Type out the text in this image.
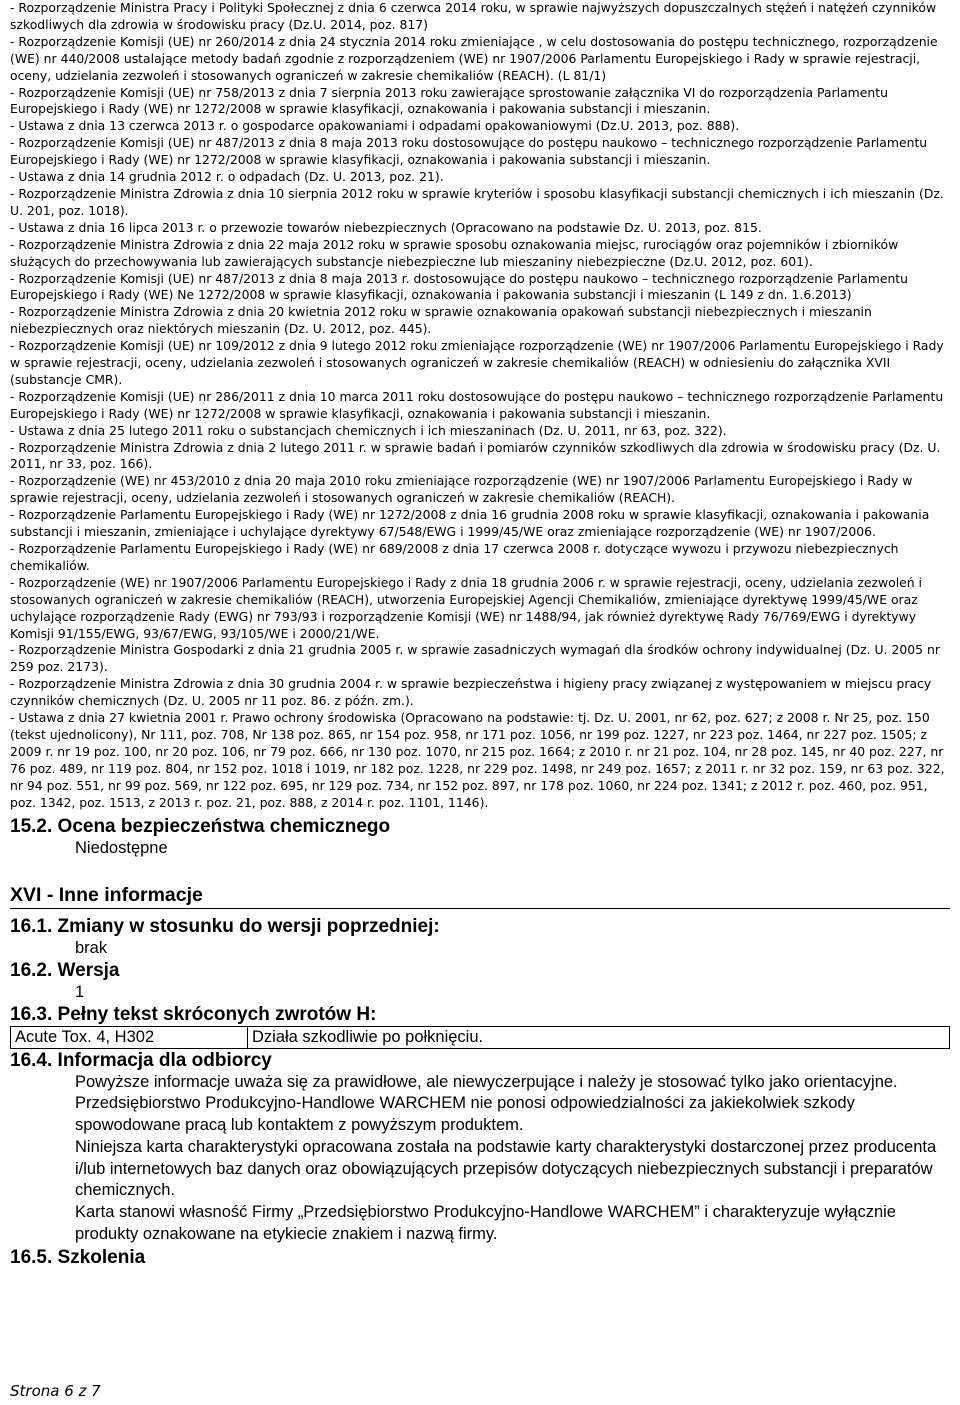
- Rozporządzenie Ministra Pracy i Polityki Społecznej z dnia 6 czerwca 2014 roku, w sprawie najwyższych dopuszczalnych stężeń i natężeń czynników szkodliwych dla zdrowia w środowisku pracy (Dz.U. 2014, poz. 817)
- Rozporządzenie Komisji (UE) nr 260/2014 z dnia 24 stycznia 2014 roku zmieniające , w celu dostosowania do postępu technicznego, rozporządzenie (WE) nr 440/2008 ustalające metody badań zgodnie z rozporządzeniem (WE) nr 1907/2006 Parlamentu Europejskiego i Rady w sprawie rejestracji, oceny, udzielania zezwoleń i stosowanych ograniczeń w zakresie chemikaliów (REACH). (L 81/1)
- Rozporządzenie Komisji (UE) nr 758/2013 z dnia 7 sierpnia 2013 roku zawierające sprostowanie załącznika VI do rozporządzenia Parlamentu Europejskiego i Rady (WE) nr 1272/2008 w sprawie klasyfikacji, oznakowania i pakowania substancji i mieszanin.
- Ustawa z dnia 13 czerwca 2013 r. o gospodarce opakowaniami i odpadami opakowaniowymi (Dz.U. 2013, poz. 888).
- Rozporządzenie Komisji (UE) nr 487/2013 z dnia 8 maja 2013 roku dostosowujące do postępu naukowo – technicznego rozporządzenie Parlamentu Europejskiego i Rady (WE) nr 1272/2008 w sprawie klasyfikacji, oznakowania i pakowania substancji i mieszanin.
- Ustawa z dnia 14 grudnia 2012 r. o odpadach (Dz. U. 2013, poz. 21).
- Rozporządzenie Ministra Zdrowia z dnia 10 sierpnia 2012 roku w sprawie kryteriów i sposobu klasyfikacji substancji chemicznych i ich mieszanin (Dz. U. 201, poz. 1018).
- Ustawa z dnia 16 lipca 2013 r. o przewozie towarów niebezpiecznych (Opracowano na podstawie Dz. U. 2013, poz. 815.
- Rozporządzenie Ministra Zdrowia z dnia 22 maja 2012 roku w sprawie sposobu oznakowania miejsc, rurociągów oraz pojemników i zbiorników służących do przechowywania lub zawierających substancje niebezpieczne lub mieszaniny niebezpieczne (Dz.U. 2012, poz. 601).
- Rozporządzenie Komisji (UE) nr 487/2013 z dnia 8 maja 2013 r. dostosowujące do postępu naukowo – technicznego rozporządzenie Parlamentu Europejskiego i Rady (WE) Ne 1272/2008 w sprawie klasyfikacji, oznakowania i pakowania substancji i mieszanin (L 149 z dn. 1.6.2013)
- Rozporządzenie Ministra Zdrowia z dnia 20 kwietnia 2012 roku w sprawie oznakowania opakowań substancji niebezpiecznych i mieszanin niebezpiecznych oraz niektórych mieszanin (Dz. U. 2012, poz. 445).
- Rozporządzenie Komisji (UE) nr 109/2012 z dnia 9 lutego 2012 roku zmieniające rozporządzenie (WE) nr 1907/2006 Parlamentu Europejskiego i Rady w sprawie rejestracji, oceny, udzielania zezwoleń i stosowanych ograniczeń w zakresie chemikaliów (REACH) w odniesieniu do załącznika XVII (substancje CMR).
- Rozporządzenie Komisji (UE) nr 286/2011 z dnia 10 marca 2011 roku dostosowujące do postępu naukowo – technicznego rozporządzenie Parlamentu Europejskiego i Rady (WE) nr 1272/2008 w sprawie klasyfikacji, oznakowania i pakowania substancji i mieszanin.
- Ustawa z dnia 25 lutego 2011 roku o substancjach chemicznych i ich mieszaninach (Dz. U. 2011, nr 63, poz. 322).
- Rozporządzenie Ministra Zdrowia z dnia 2 lutego 2011 r. w sprawie badań i pomiarów czynników szkodliwych dla zdrowia w środowisku pracy (Dz. U. 2011, nr 33, poz. 166).
- Rozporządzenie (WE) nr 453/2010 z dnia 20 maja 2010 roku zmieniające rozporządzenie (WE) nr 1907/2006 Parlamentu Europejskiego i Rady w sprawie rejestracji, oceny, udzielania zezwoleń i stosowanych ograniczeń w zakresie chemikaliów (REACH).
- Rozporządzenie Parlamentu Europejskiego i Rady (WE) nr 1272/2008 z dnia 16 grudnia 2008 roku w sprawie klasyfikacji, oznakowania i pakowania substancji i mieszanin, zmieniające i uchylające dyrektywy 67/548/EWG i 1999/45/WE oraz zmieniające rozporządzenie (WE) nr 1907/2006.
- Rozporządzenie Parlamentu Europejskiego i Rady (WE) nr 689/2008 z dnia 17 czerwca 2008 r. dotyczące wywozu i przywozu niebezpiecznych chemikaliów.
- Rozporządzenie (WE) nr 1907/2006 Parlamentu Europejskiego i Rady z dnia 18 grudnia 2006 r. w sprawie rejestracji, oceny, udzielania zezwoleń i stosowanych ograniczeń w zakresie chemikaliów (REACH), utworzenia Europejskiej Agencji Chemikaliów, zmieniające dyrektywę 1999/45/WE oraz uchylające rozporządzenie Rady (EWG) nr 793/93 i rozporządzenie Komisji (WE) nr 1488/94, jak również dyrektywę Rady 76/769/EWG i dyrektywy Komisji 91/155/EWG, 93/67/EWG, 93/105/WE i 2000/21/WE.
- Rozporządzenie Ministra Gospodarki z dnia 21 grudnia 2005 r. w sprawie zasadniczych wymagań dla środków ochrony indywidualnej (Dz. U. 2005 nr 259 poz. 2173).
- Rozporządzenie Ministra Zdrowia z dnia 30 grudnia 2004 r. w sprawie bezpieczeństwa i higieny pracy związanej z występowaniem w miejscu pracy czynników chemicznych (Dz. U. 2005 nr 11 poz. 86. z późn. zm.).
- Ustawa z dnia 27 kwietnia 2001 r. Prawo ochrony środowiska (Opracowano na podstawie: tj. Dz. U. 2001, nr 62, poz. 627; z 2008 r. Nr 25, poz. 150 (tekst ujednolicony), Nr 111, poz. 708, Nr 138 poz. 865, nr 154 poz. 958, nr 171 poz. 1056, nr 199 poz. 1227, nr 223 poz. 1464, nr 227 poz. 1505; z 2009 r. nr 19 poz. 100, nr 20 poz. 106, nr 79 poz. 666, nr 130 poz. 1070, nr 215 poz. 1664; z 2010 r. nr 21 poz. 104, nr 28 poz. 145, nr 40 poz. 227, nr 76 poz. 489, nr 119 poz. 804, nr 152 poz. 1018 i 1019, nr 182 poz. 1228, nr 229 poz. 1498, nr 249 poz. 1657; z 2011 r. nr 32 poz. 159, nr 63 poz. 322, nr 94 poz. 551, nr 99 poz. 569, nr 122 poz. 695, nr 129 poz. 734, nr 152 poz. 897, nr 178 poz. 1060, nr 224 poz. 1341; z 2012 r. poz. 460, poz. 951, poz. 1342, poz. 1513, z 2013 r. poz. 21, poz. 888, z 2014 r. poz. 1101, 1146).
15.2. Ocena bezpieczeństwa chemicznego

Niedostępne

XVI - Inne informacje
16.1. Zmiany w stosunku do wersji poprzedniej:

brak

16.2. Wersja

1

16.3. Pełny tekst skróconych zwrotów H:
Acute Tox. 4, H302	Działa szkodliwie po połknięciu.
16.4. Informacja dla odbiorcy

Powyższe informacje uważa się za prawidłowe, ale niewyczerpujące i należy je stosować tylko jako orientacyjne. Przedsiębiorstwo Produkcyjno-Handlowe WARCHEM nie ponosi odpowiedzialności za jakiekolwiek szkody spowodowane pracą lub kontaktem z powyższym produktem.

Niniejsza karta charakterystyki opracowana została na podstawie karty charakterystyki dostarczonej przez producenta i/lub internetowych baz danych oraz obowiązujących przepisów dotyczących niebezpiecznych substancji i preparatów chemicznych.

Karta stanowi własność Firmy „Przedsiębiorstwo Produkcyjno-Handlowe WARCHEM” i charakteryzuje wyłącznie produkty oznakowane na etykiecie znakiem i nazwą firmy.

16.5. Szkolenia
Strona 6 z 7
